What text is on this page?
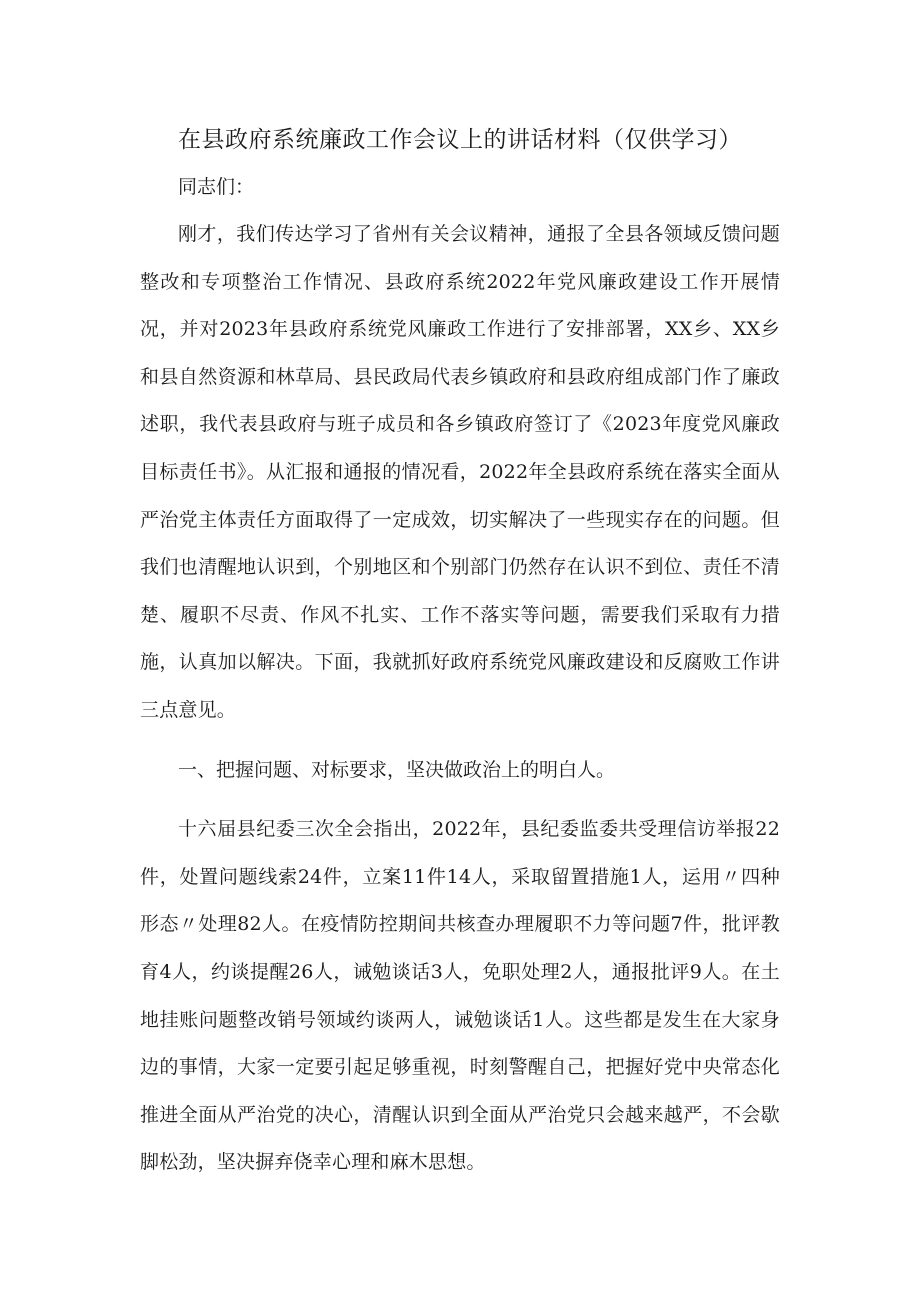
在县政府系统廉政工作会议上的讲话材料（仅供学习）

同志们：

刚才，我们传达学习了省州有关会议精神，通报了全县各领域反馈问题整改和专项整治工作情况、县政府系统2022年党风廉政建设工作开展情况，并对2023年县政府系统党风廉政工作进行了安排部署，XX乡、XX乡和县自然资源和林草局、县民政局代表乡镇政府和县政府组成部门作了廉政述职，我代表县政府与班子成员和各乡镇政府签订了《2023年度党风廉政目标责任书》。从汇报和通报的情况看，2022年全县政府系统在落实全面从严治党主体责任方面取得了一定成效，切实解决了一些现实存在的问题。但我们也清醒地认识到，个别地区和个别部门仍然存在认识不到位、责任不清楚、履职不尽责、作风不扎实、工作不落实等问题，需要我们采取有力措施，认真加以解决。下面，我就抓好政府系统党风廉政建设和反腐败工作讲三点意见。

一、把握问题、对标要求，坚决做政治上的明白人。

十六届县纪委三次全会指出，2022年，县纪委监委共受理信访举报22件，处置问题线索24件，立案11件14人，采取留置措施1人，运用〃四种形态〃处理82人。在疫情防控期间共核查办理履职不力等问题7件，批评教育4人，约谈提醒26人，诫勉谈话3人，免职处理2人，通报批评9人。在土地挂账问题整改销号领域约谈两人，诫勉谈话1人。这些都是发生在大家身边的事情，大家一定要引起足够重视，时刻警醒自己，把握好党中央常态化推进全面从严治党的决心，清醒认识到全面从严治党只会越来越严，不会歇脚松劲，坚决摒弃侥幸心理和麻木思想。
